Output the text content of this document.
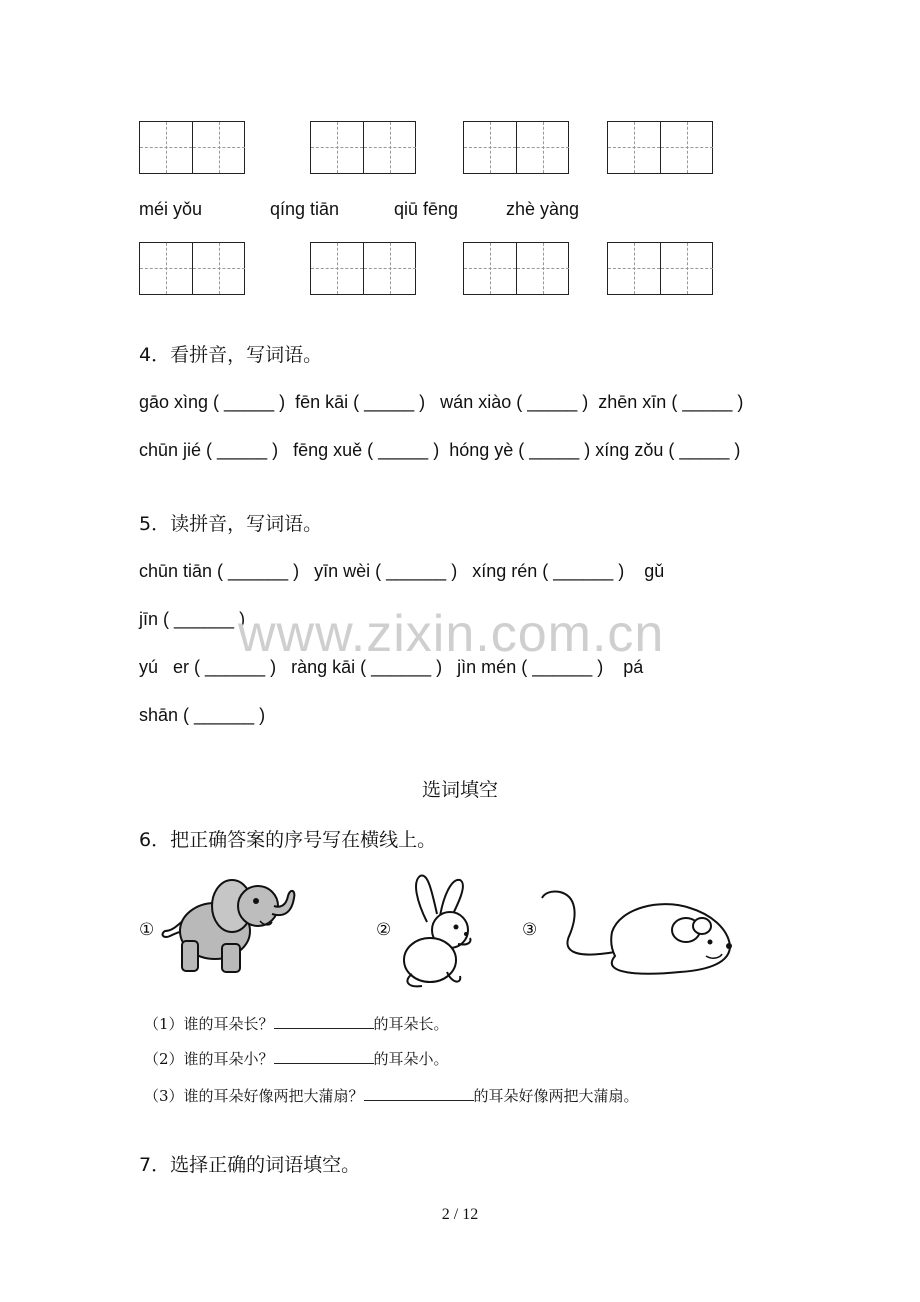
méi yǒu	qíng tiān	qiū fēng	zhè yàng
4．看拼音，写词语。
gāo xìng ( _____ )  fēn kāi ( _____ )   wán xiào ( _____ )  zhēn xīn ( _____ )
chūn jié ( _____ )   fēng xuě ( _____ )  hóng yè ( _____ ) xíng zǒu ( _____ )
5．读拼音，写词语。
chūn tiān ( ______ )   yīn wèi ( ______ )   xíng rén ( ______ )    gǔ
jīn ( ______ )
yú   er ( ______ )   ràng kāi ( ______ )   jìn mén ( ______ )    pá
shān ( ______ )
www.zixin.com.cn
选词填空
6．把正确答案的序号写在横线上。
①	②	③
（1）谁的耳朵长？	的耳朵长。
（2）谁的耳朵小？	的耳朵小。
（3）谁的耳朵好像两把大蒲扇？	的耳朵好像两把大蒲扇。
7．选择正确的词语填空。
2 / 12
